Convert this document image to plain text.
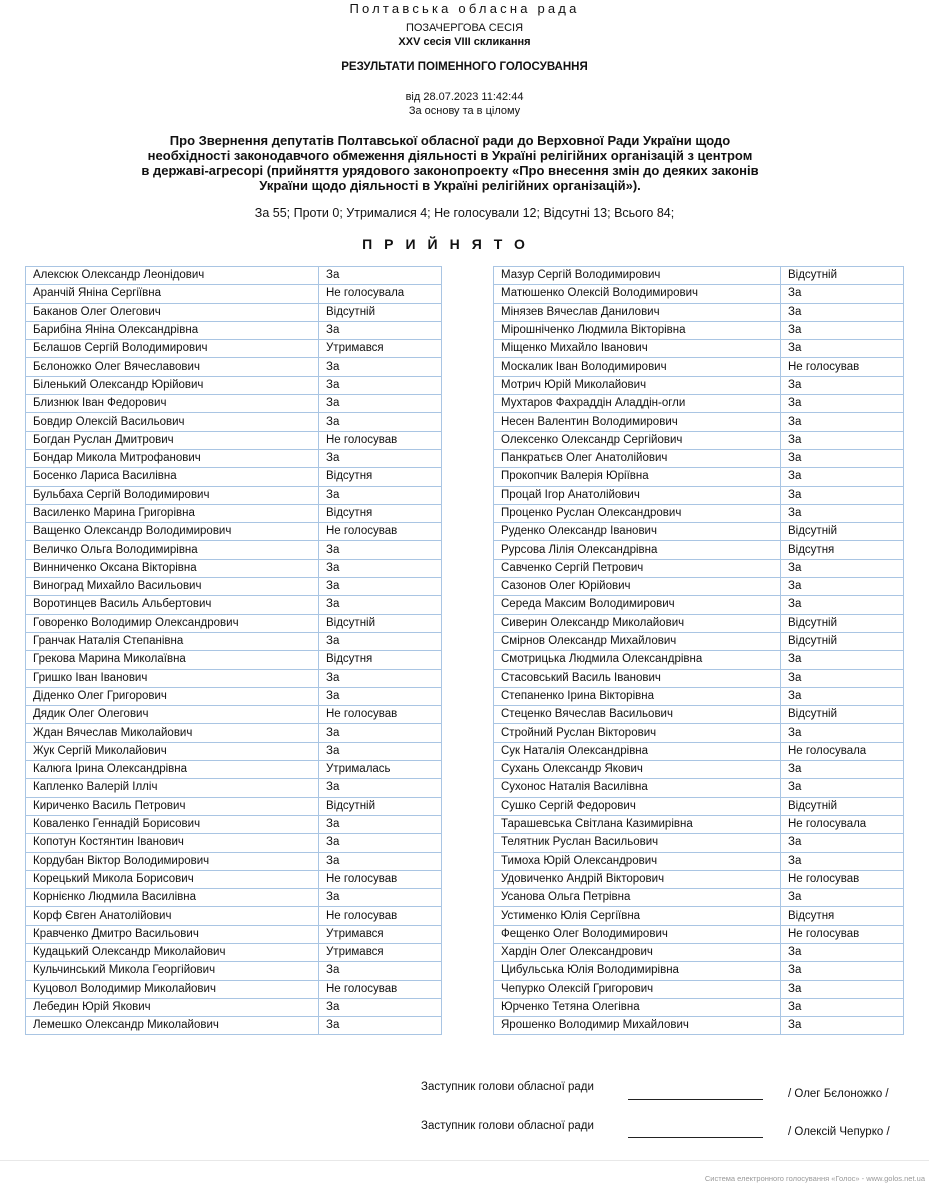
Полтавська обласна рада
ПОЗАЧЕРГОВА СЕСІЯ
XXV сесія VIII скликання
РЕЗУЛЬТАТИ ПОІМЕННОГО ГОЛОСУВАННЯ
від 28.07.2023 11:42:44
За основу та в цілому
Про Звернення депутатів Полтавської обласної ради до Верховної Ради України щодо
необхідності законодавчого обмеження діяльності в Україні релігійних організацій з центром
в державі-агресорі (прийняття урядового законопроекту «Про внесення змін до деяких законів
України щодо діяльності в Україні релігійних організацій»).
За 55; Проти 0; Утрималися 4; Не голосували 12; Відсутні 13; Всього 84;
ПРИЙНЯТО
Алексюк Олександр Леонідович	За
Аранчій Яніна Сергіївна	Не голосувала
Баканов Олег Олегович	Відсутній
Барибіна Яніна Олександрівна	За
Бєлашов Сергій Володимирович	Утримався
Бєлоножко Олег Вячеславович	За
Біленький Олександр Юрійович	За
Близнюк Іван Федорович	За
Бовдир Олексій Васильович	За
Богдан Руслан Дмитрович	Не голосував
Бондар Микола Митрофанович	За
Босенко Лариса Василівна	Відсутня
Бульбаха Сергій Володимирович	За
Василенко Марина Григорівна	Відсутня
Ващенко Олександр Володимирович	Не голосував
Величко Ольга Володимирівна	За
Винниченко Оксана Вікторівна	За
Виноград Михайло Васильович	За
Воротинцев Василь Альбертович	За
Говоренко Володимир Олександрович	Відсутній
Гранчак Наталія Степанівна	За
Грекова Марина Миколаївна	Відсутня
Гришко Іван Іванович	За
Діденко Олег Григорович	За
Дядик Олег Олегович	Не голосував
Ждан Вячеслав Миколайович	За
Жук Сергій Миколайович	За
Калюга Ірина Олександрівна	Утрималась
Капленко Валерій Ілліч	За
Кириченко Василь Петрович	Відсутній
Коваленко Геннадій Борисович	За
Копотун Костянтин Іванович	За
Кордубан Віктор Володимирович	За
Корецький Микола Борисович	Не голосував
Корнієнко Людмила Василівна	За
Корф Євген Анатолійович	Не голосував
Кравченко Дмитро Васильович	Утримався
Кудацький Олександр Миколайович	Утримався
Кульчинський Микола Георгійович	За
Куцовол Володимир Миколайович	Не голосував
Лебедин Юрій Якович	За
Лемешко Олександр Миколайович	За
Мазур Сергій Володимирович	Відсутній
Матюшенко Олексій Володимирович	За
Мінязев Вячеслав Данилович	За
Мірошніченко Людмила Вікторівна	За
Міщенко Михайло Іванович	За
Москалик Іван Володимирович	Не голосував
Мотрич Юрій Миколайович	За
Мухтаров Фахраддін Аладдін-огли	За
Несен Валентин Володимирович	За
Олексенко Олександр Сергійович	За
Панкратьєв Олег Анатолійович	За
Прокопчик Валерія Юріївна	За
Процай Ігор Анатолійович	За
Проценко Руслан Олександрович	За
Руденко Олександр Іванович	Відсутній
Рурсова Лілія Олександрівна	Відсутня
Савченко Сергій Петрович	За
Сазонов Олег Юрійович	За
Середа Максим Володимирович	За
Сиверин Олександр Миколайович	Відсутній
Смірнов Олександр Михайлович	Відсутній
Смотрицька Людмила Олександрівна	За
Стасовський Василь Іванович	За
Степаненко Ірина Вікторівна	За
Стеценко Вячеслав Васильович	Відсутній
Стройний Руслан Вікторович	За
Сук Наталія Олександрівна	Не голосувала
Сухань Олександр Якович	За
Сухонос Наталія Василівна	За
Сушко Сергій Федорович	Відсутній
Тарашевська Світлана Казимирівна	Не голосувала
Телятник Руслан Васильович	За
Тимоха Юрій Олександрович	За
Удовиченко Андрій Вікторович	Не голосував
Усанова Ольга Петрівна	За
Устименко Юлія Сергіївна	Відсутня
Фещенко Олег Володимирович	Не голосував
Хардін Олег Олександрович	За
Цибульська Юлія Володимирівна	За
Чепурко Олексій Григорович	За
Юрченко Тетяна Олегівна	За
Ярошенко Володимир Михайлович	За
Заступник голови обласної ради
/ Олег Бєлоножко /
Заступник голови обласної ради	/ Олексій Чепурко /
Система електронного голосування «Голос» - www.golos.net.ua
